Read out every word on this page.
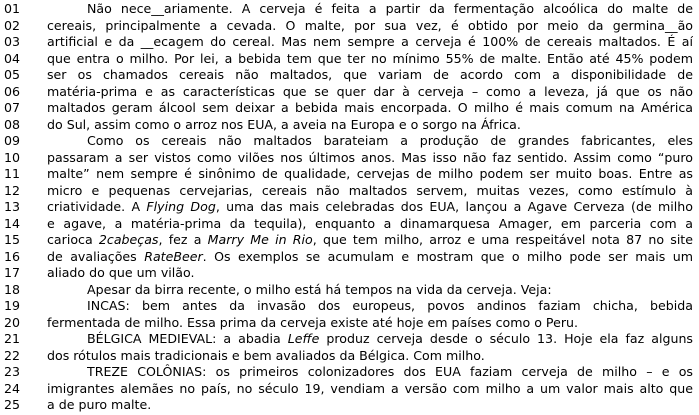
01	Não nece__ariamente. A cerveja é feita a partir da fermentação alcoólica do malte de
02	cereais, principalmente a cevada. O malte, por sua vez, é obtido por meio da germina__ão
03	artificial e da __ecagem do cereal. Mas nem sempre a cerveja é 100% de cereais maltados. É aí
04	que entra o milho. Por lei, a bebida tem que ter no mínimo 55% de malte. Então até 45% podem
05	ser os chamados cereais não maltados, que variam de acordo com a disponibilidade de
06	matéria-prima e as características que se quer dar à cerveja – como a leveza, já que os não
07	maltados geram álcool sem deixar a bebida mais encorpada. O milho é mais comum na América
08	do Sul, assim como o arroz nos EUA, a aveia na Europa e o sorgo na África.
09	Como os cereais não maltados barateiam a produção de grandes fabricantes, eles
10	passaram a ser vistos como vilões nos últimos anos. Mas isso não faz sentido. Assim como “puro
11	malte” nem sempre é sinônimo de qualidade, cervejas de milho podem ser muito boas. Entre as
12	micro e pequenas cervejarias, cereais não maltados servem, muitas vezes, como estímulo à
13	criatividade. A Flying Dog, uma das mais celebradas dos EUA, lançou a Agave Cerveza (de milho
14	e agave, a matéria-prima da tequila), enquanto a dinamarquesa Amager, em parceria com a
15	carioca 2cabeças, fez a Marry Me in Rio, que tem milho, arroz e uma respeitável nota 87 no site
16	de avaliações RateBeer. Os exemplos se acumulam e mostram que o milho pode ser mais um
17	aliado do que um vilão.
18	Apesar da birra recente, o milho está há tempos na vida da cerveja. Veja:
19	INCAS: bem antes da invasão dos europeus, povos andinos faziam chicha, bebida
20	fermentada de milho. Essa prima da cerveja existe até hoje em países como o Peru.
21	BÉLGICA MEDIEVAL: a abadia Leffe produz cerveja desde o século 13. Hoje ela faz alguns
22	dos rótulos mais tradicionais e bem avaliados da Bélgica. Com milho.
23	TREZE COLÔNIAS: os primeiros colonizadores dos EUA faziam cerveja de milho – e os
24	imigrantes alemães no país, no século 19, vendiam a versão com milho a um valor mais alto que
25	a de puro malte.
